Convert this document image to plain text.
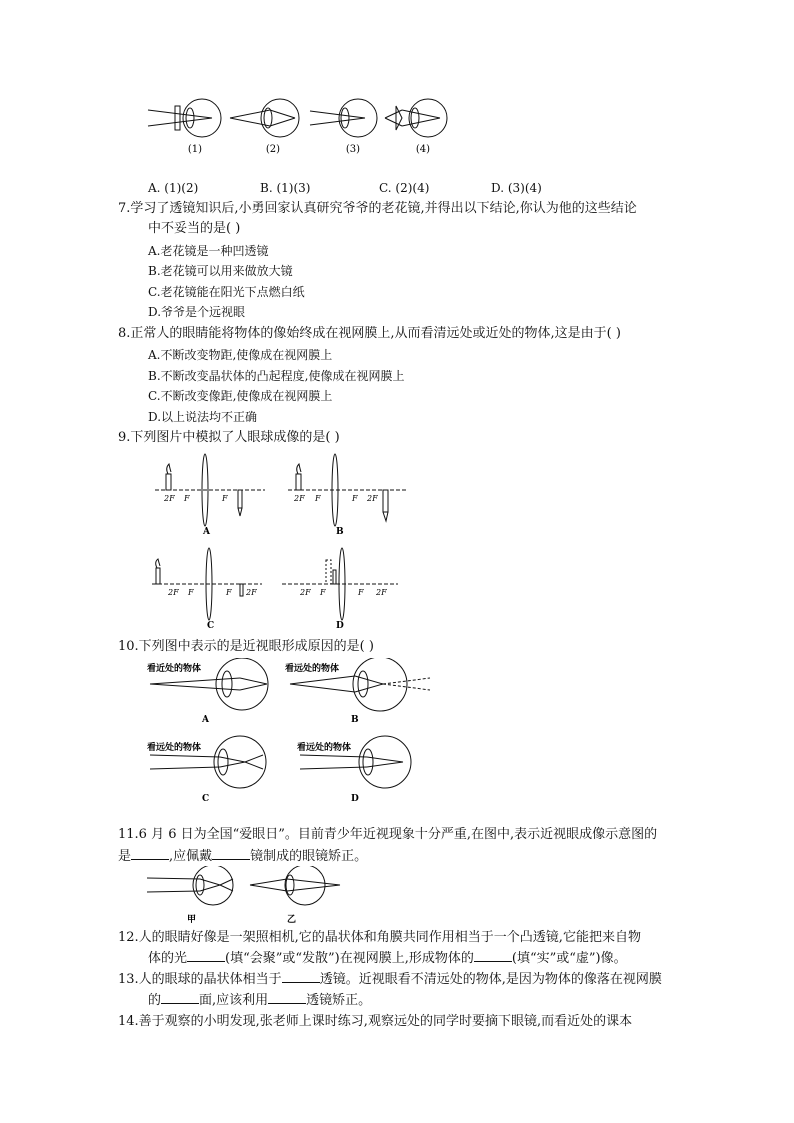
(1)	(2)	(3)	(4)
A. (1)(2)	B. (1)(3)	C. (2)(4)	D. (3)(4)
7.学习了透镜知识后,小勇回家认真研究爷爷的老花镜,并得出以下结论,你认为他的这些结论
中不妥当的是( )
A.老花镜是一种凹透镜
B.老花镜可以用来做放大镜
C.老花镜能在阳光下点燃白纸
D.爷爷是个远视眼
8.正常人的眼睛能将物体的像始终成在视网膜上,从而看清远处或近处的物体,这是由于( )
A.不断改变物距,使像成在视网膜上
B.不断改变晶状体的凸起程度,使像成在视网膜上
C.不断改变像距,使像成在视网膜上
D.以上说法均不正确
9.下列图片中模拟了人眼球成像的是( )
2F F	F	2F F	F 2F
2F F	F 2F	2F F	F 2F
A	B
C	D
10.下列图中表示的是近视眼形成原因的是( )
看近处的物体	看远处的物体
看远处的物体	看远处的物体
A	B
C	D
11.6 月 6 日为全国“爱眼日”。目前青少年近视现象十分严重,在图中,表示近视眼成像示意图的
是	,应佩戴	镜制成的眼镜矫正。
甲	乙
12.人的眼睛好像是一架照相机,它的晶状体和角膜共同作用相当于一个凸透镜,它能把来自物
体的光	(填“会聚”或“发散”)在视网膜上,形成物体的	(填“实”或“虚”)像。
13.人的眼球的晶状体相当于	透镜。近视眼看不清远处的物体,是因为物体的像落在视网膜
的	面,应该利用	透镜矫正。
14.善于观察的小明发现,张老师上课时练习,观察远处的同学时要摘下眼镜,而看近处的课本
